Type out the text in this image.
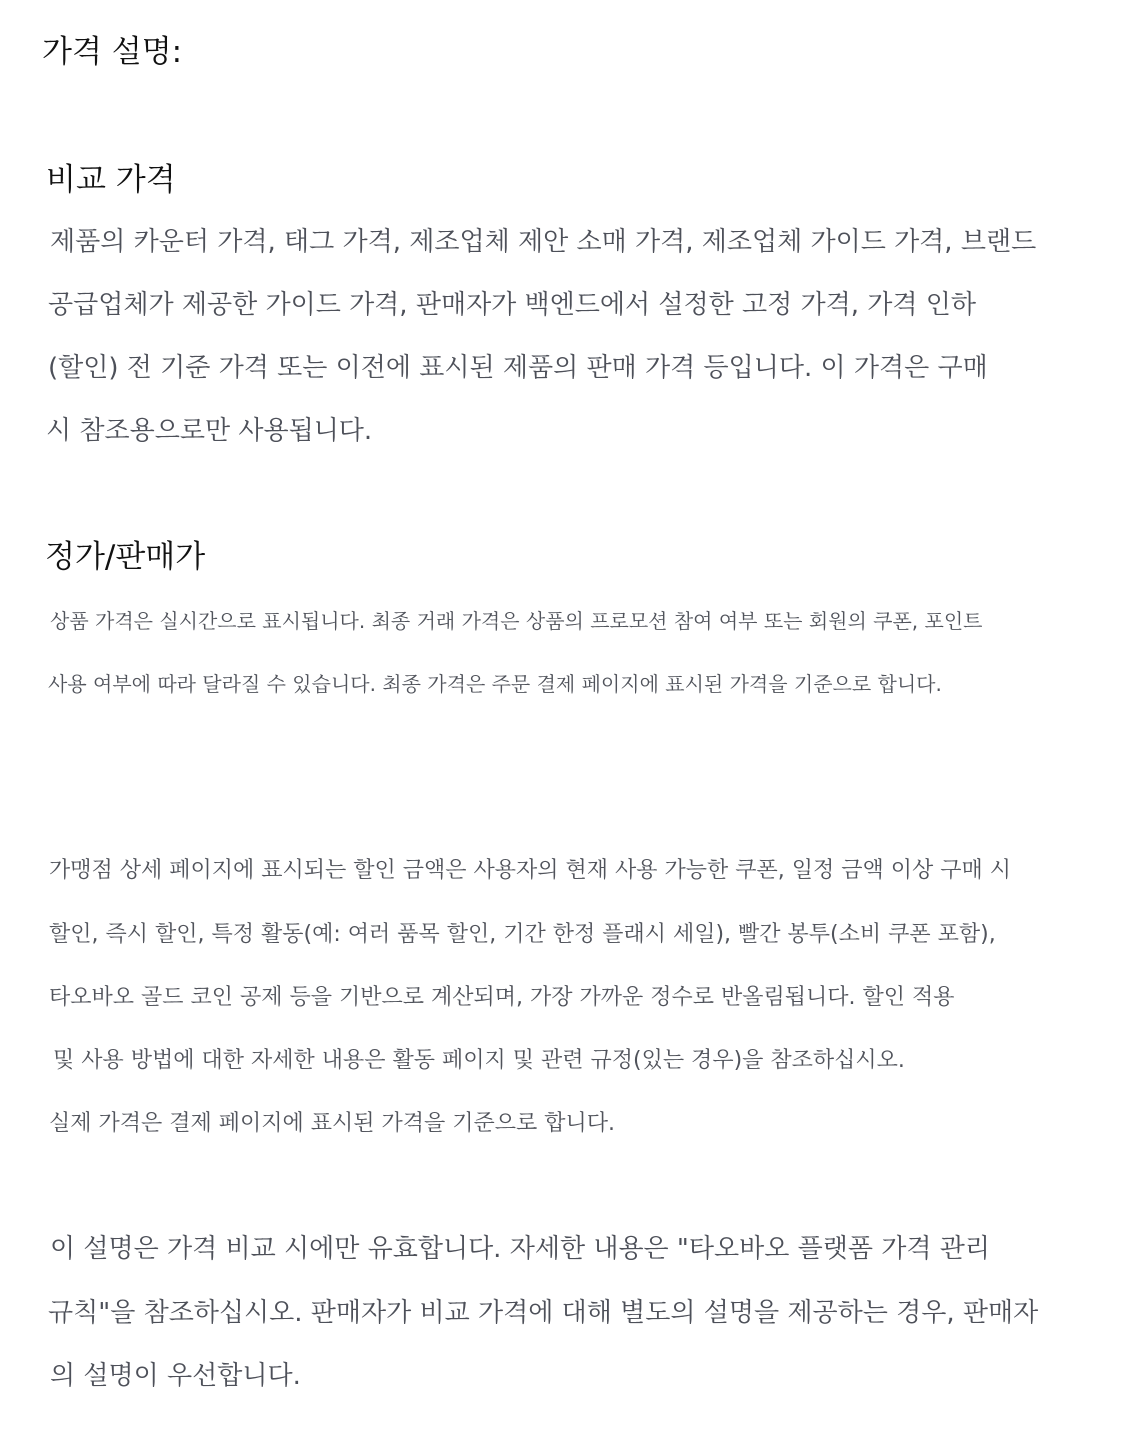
가격 설명:
비교 가격
제품의 카운터 가격, 태그 가격, 제조업체 제안 소매 가격, 제조업체 가이드 가격, 브랜드
공급업체가 제공한 가이드 가격, 판매자가 백엔드에서 설정한 고정 가격, 가격 인하
(할인) 전 기준 가격 또는 이전에 표시된 제품의 판매 가격 등입니다. 이 가격은 구매
시 참조용으로만 사용됩니다.
정가/판매가
상품 가격은 실시간으로 표시됩니다. 최종 거래 가격은 상품의 프로모션 참여 여부 또는 회원의 쿠폰, 포인트
사용 여부에 따라 달라질 수 있습니다. 최종 가격은 주문 결제 페이지에 표시된 가격을 기준으로 합니다.
가맹점 상세 페이지에 표시되는 할인 금액은 사용자의 현재 사용 가능한 쿠폰, 일정 금액 이상 구매 시
할인, 즉시 할인, 특정 활동(예: 여러 품목 할인, 기간 한정 플래시 세일), 빨간 봉투(소비 쿠폰 포함),
타오바오 골드 코인 공제 등을 기반으로 계산되며, 가장 가까운 정수로 반올림됩니다. 할인 적용
및 사용 방법에 대한 자세한 내용은 활동 페이지 및 관련 규정(있는 경우)을 참조하십시오.
실제 가격은 결제 페이지에 표시된 가격을 기준으로 합니다.
이 설명은 가격 비교 시에만 유효합니다. 자세한 내용은 "타오바오 플랫폼 가격 관리
규칙"을 참조하십시오. 판매자가 비교 가격에 대해 별도의 설명을 제공하는 경우, 판매자
의 설명이 우선합니다.
